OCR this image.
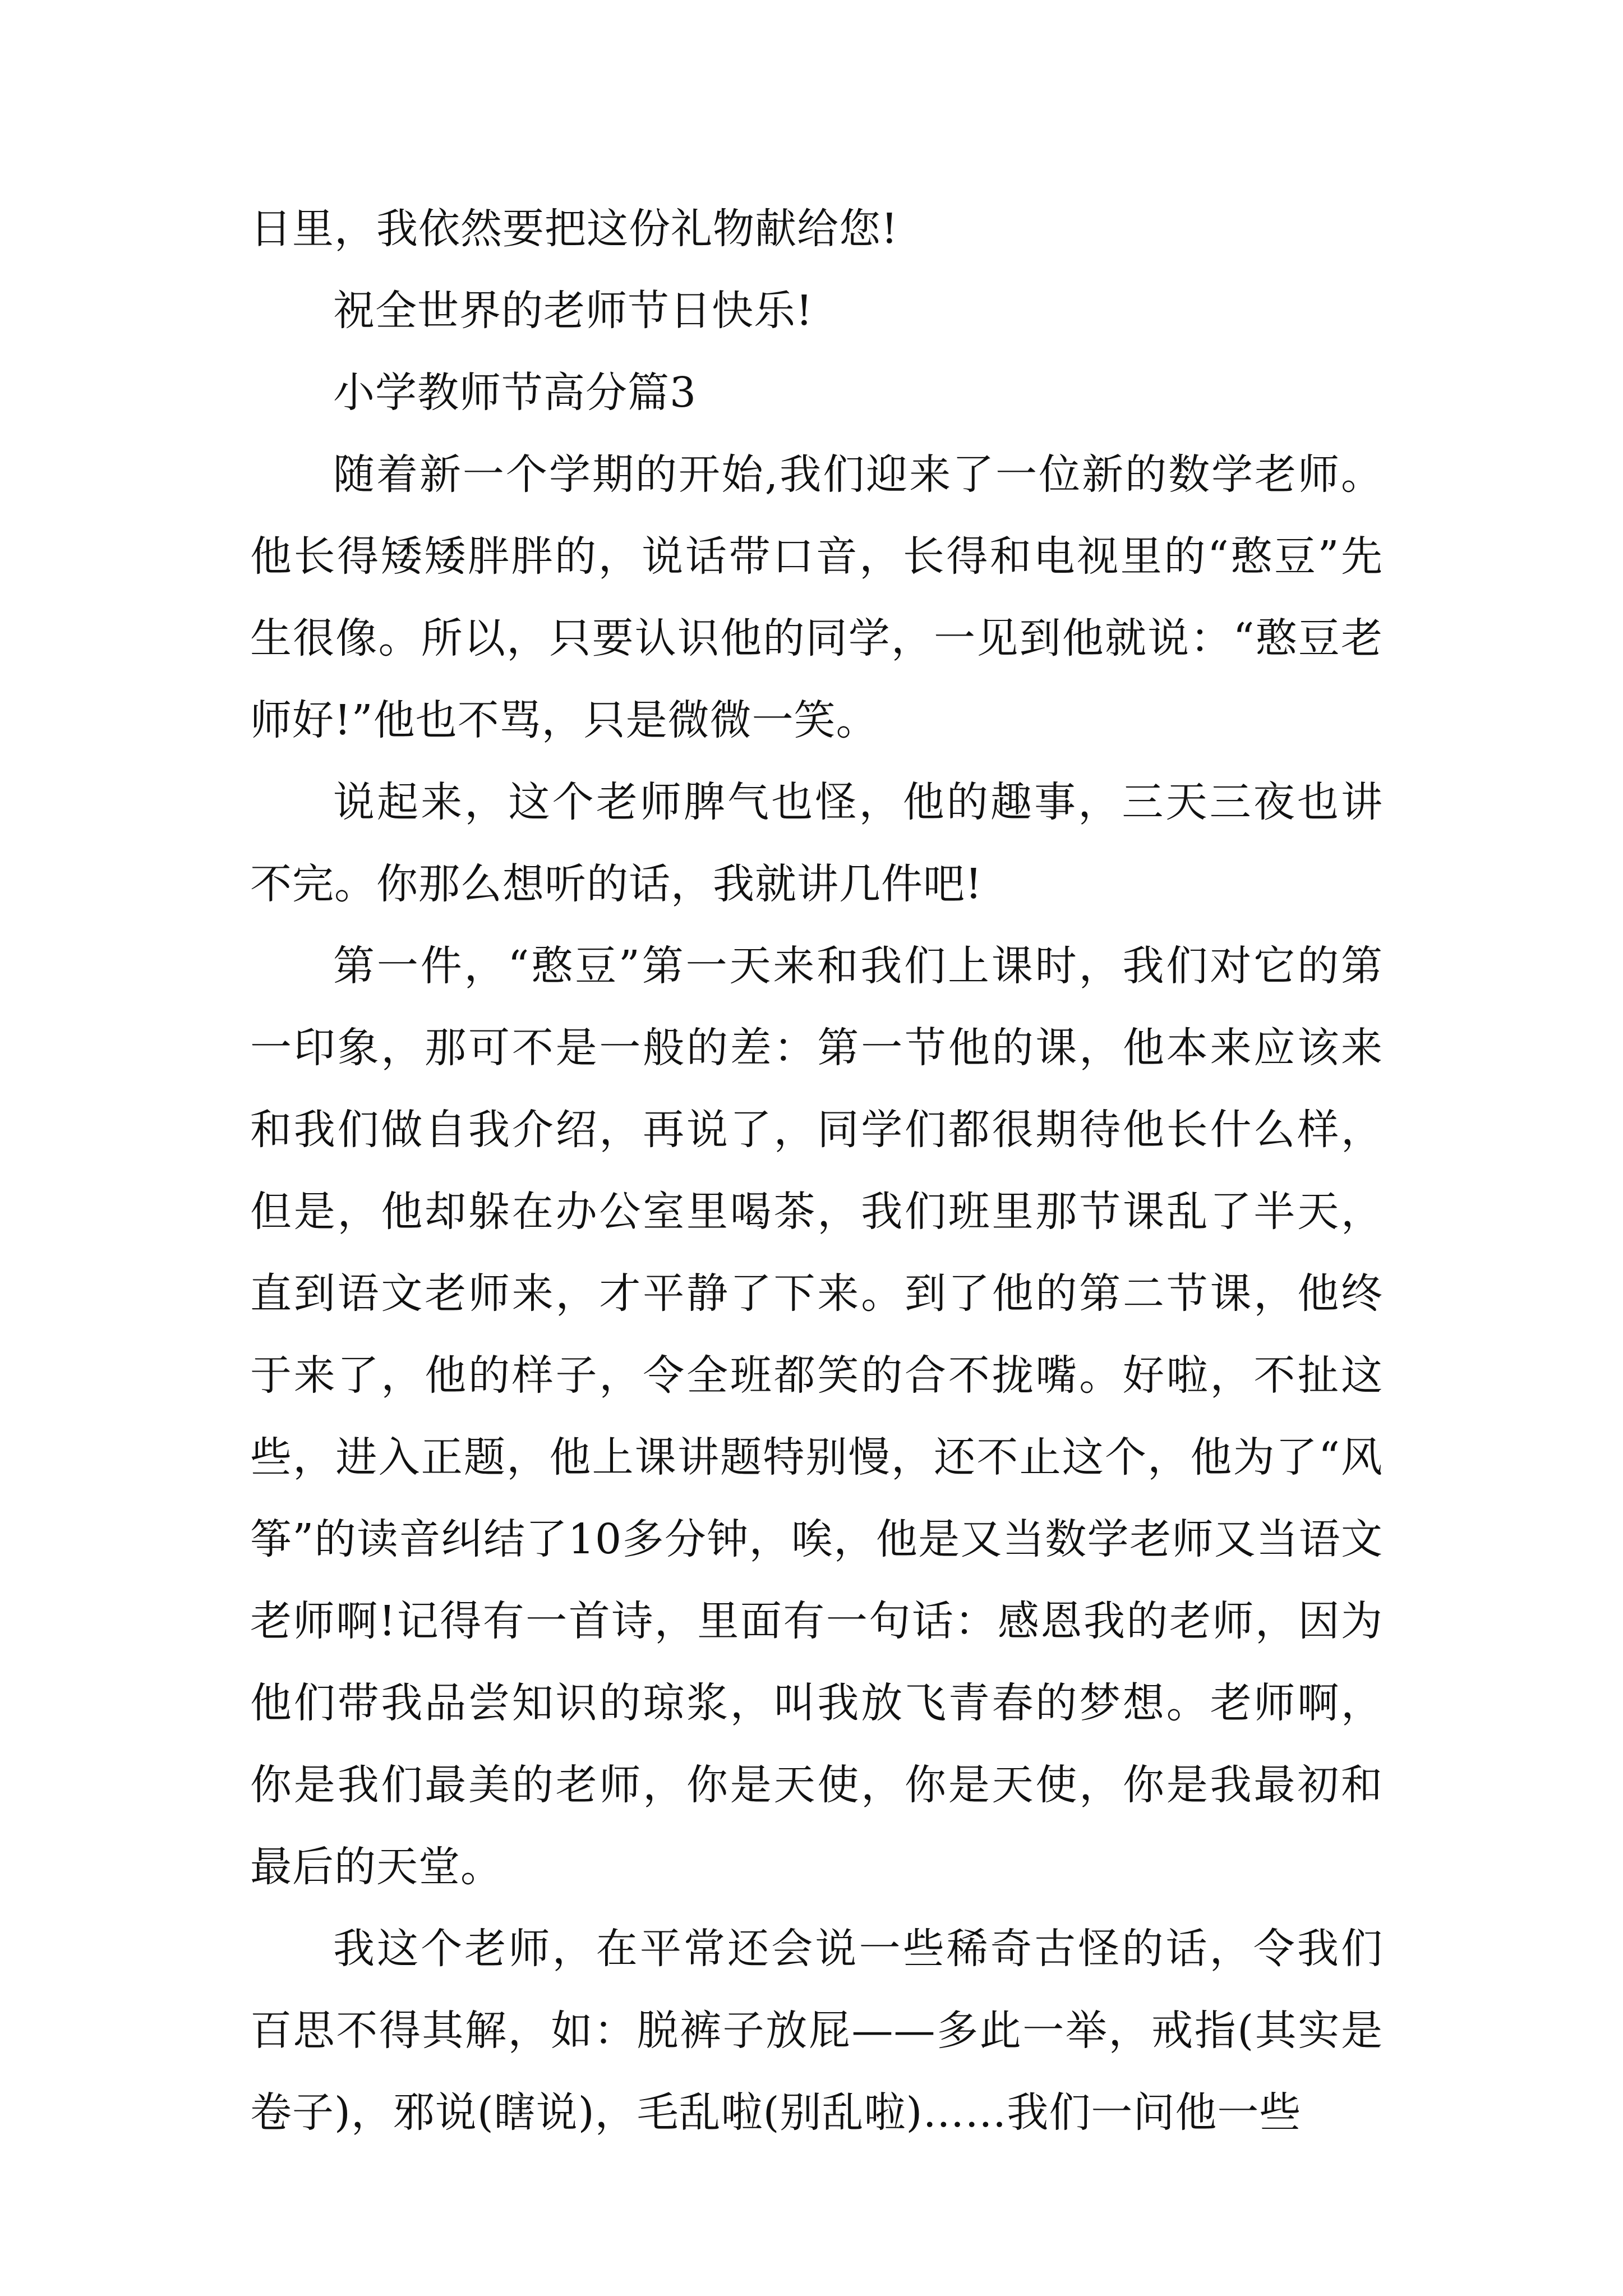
日里，我依然要把这份礼物献给您!

祝全世界的老师节日快乐!

小学教师节高分篇3

随着新一个学期的开始,我们迎来了一位新的数学老师。他长得矮矮胖胖的，说话带口音，长得和电视里的“憨豆”先生很像。所以，只要认识他的同学，一见到他就说：“憨豆老师好!”他也不骂，只是微微一笑。

说起来，这个老师脾气也怪，他的趣事，三天三夜也讲不完。你那么想听的话，我就讲几件吧!

第一件，“憨豆”第一天来和我们上课时，我们对它的第一印象，那可不是一般的差：第一节他的课，他本来应该来和我们做自我介绍，再说了，同学们都很期待他长什么样，但是，他却躲在办公室里喝茶，我们班里那节课乱了半天，直到语文老师来，才平静了下来。到了他的第二节课，他终于来了，他的样子，令全班都笑的合不拢嘴。好啦，不扯这些，进入正题，他上课讲题特别慢，还不止这个，他为了“风筝”的读音纠结了10多分钟，唉，他是又当数学老师又当语文老师啊!记得有一首诗，里面有一句话：感恩我的老师，因为他们带我品尝知识的琼浆，叫我放飞青春的梦想。老师啊，你是我们最美的老师，你是天使，你是天使，你是我最初和最后的天堂。

我这个老师，在平常还会说一些稀奇古怪的话，令我们百思不得其解，如：脱裤子放屁——多此一举，戒指(其实是卷子)，邪说(瞎说)，毛乱啦(别乱啦)……我们一问他一些
